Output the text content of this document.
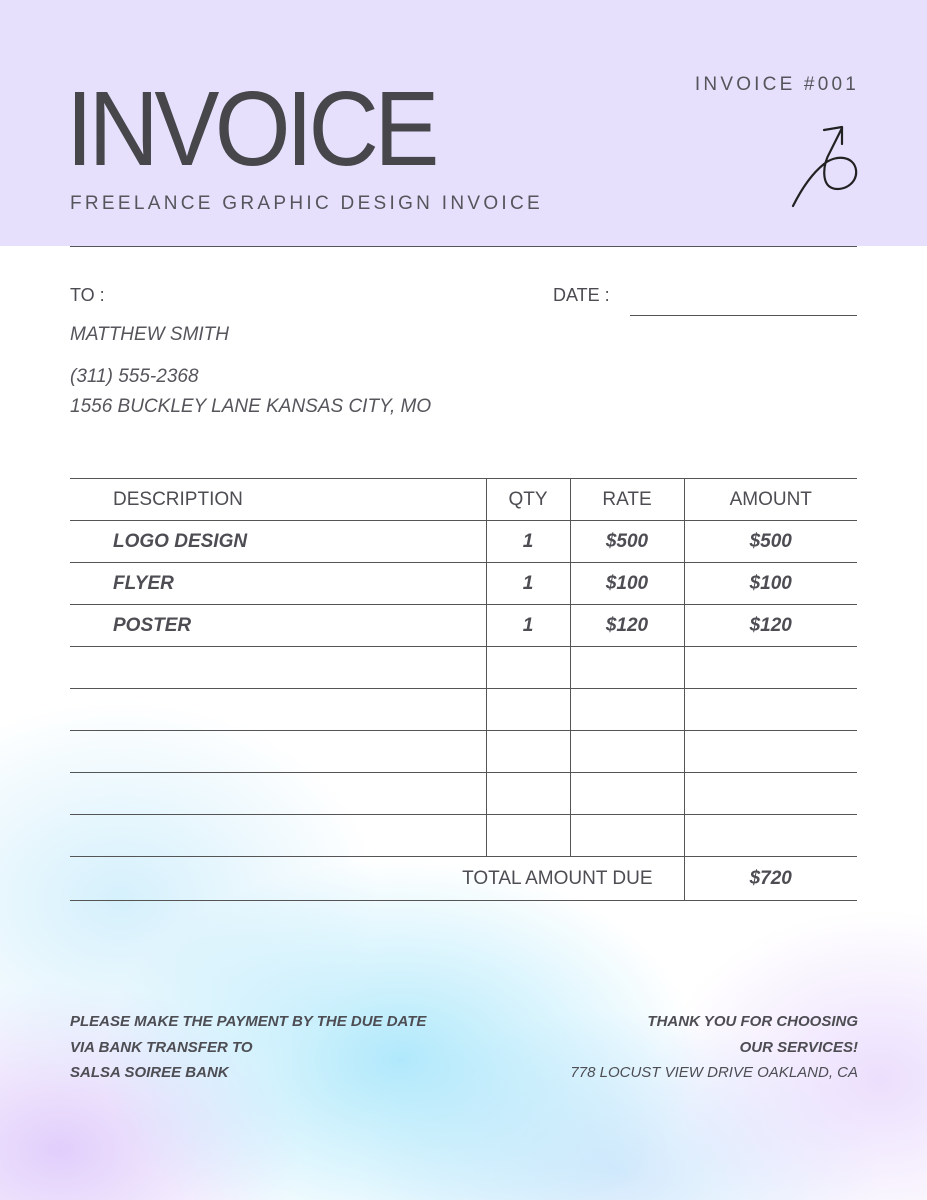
INVOICE
FREELANCE GRAPHIC DESIGN INVOICE
INVOICE #001
TO :	DATE :
MATTHEW SMITH
(311) 555-2368
1556 BUCKLEY LANE KANSAS CITY, MO
DESCRIPTION	QTY	RATE	AMOUNT
LOGO DESIGN	1	$500	$500
FLYER	1	$100	$100
POSTER	1	$120	$120

TOTAL AMOUNT DUE			$720
PLEASE MAKE THE PAYMENT BY THE DUE DATE
VIA BANK TRANSFER TO
SALSA SOIREE BANK
THANK YOU FOR CHOOSING
OUR SERVICES!
778 LOCUST VIEW DRIVE OAKLAND, CA
